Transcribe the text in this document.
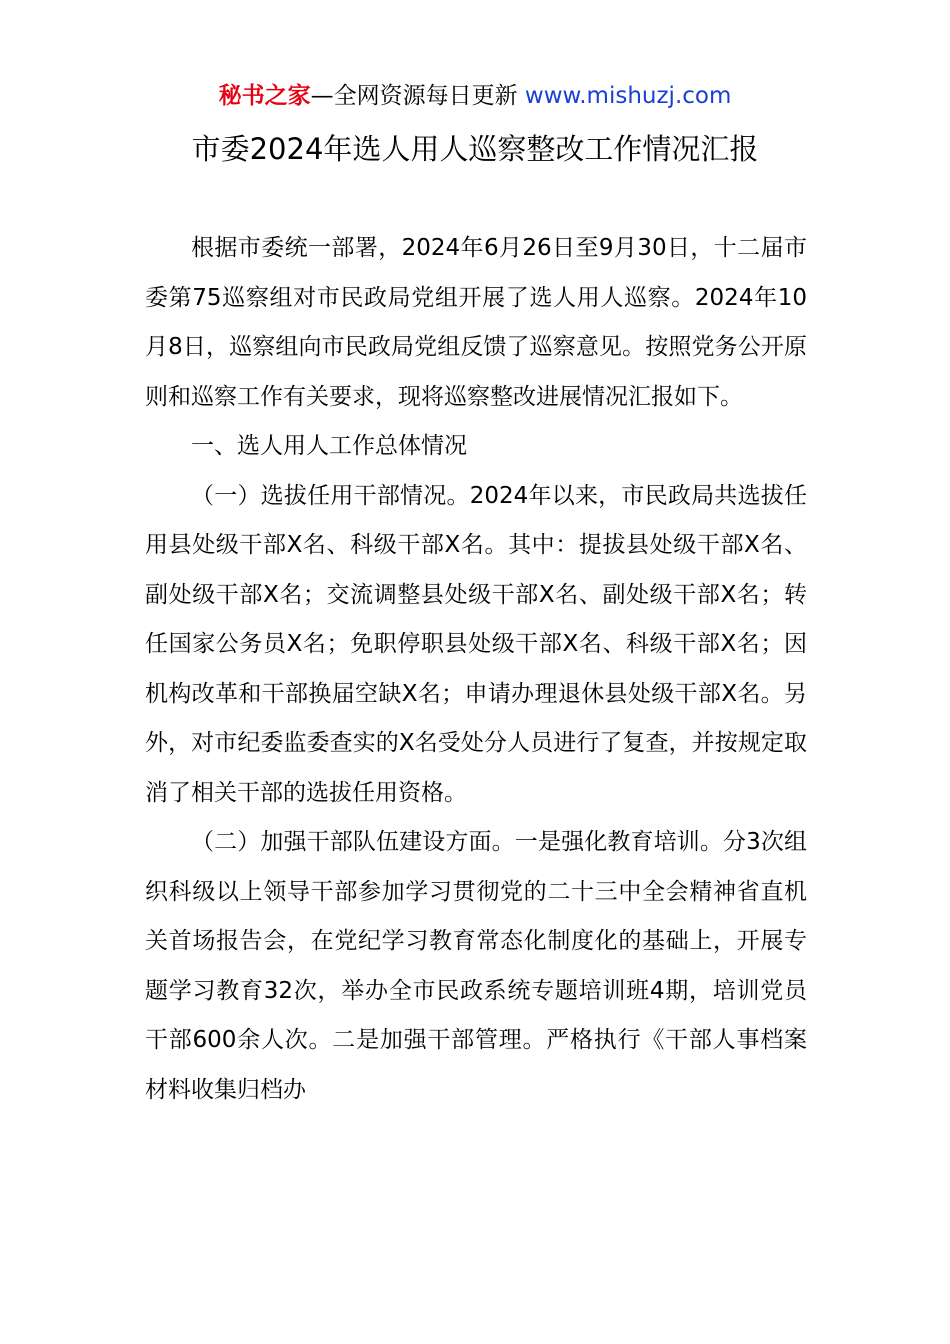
秘书之家—全网资源每日更新 www.mishuzj.com
市委2024年选人用人巡察整改工作情况汇报

根据市委统一部署，2024年6月26日至9月30日，十二届市委第75巡察组对市民政局党组开展了选人用人巡察。2024年10月8日，巡察组向市民政局党组反馈了巡察意见。按照党务公开原则和巡察工作有关要求，现将巡察整改进展情况汇报如下。

一、选人用人工作总体情况

（一）选拔任用干部情况。2024年以来，市民政局共选拔任用县处级干部X名、科级干部X名。其中：提拔县处级干部X名、副处级干部X名；交流调整县处级干部X名、副处级干部X名；转任国家公务员X名；免职停职县处级干部X名、科级干部X名；因机构改革和干部换届空缺X名；申请办理退休县处级干部X名。另外，对市纪委监委查实的X名受处分人员进行了复查，并按规定取消了相关干部的选拔任用资格。

（二）加强干部队伍建设方面。一是强化教育培训。分3次组织科级以上领导干部参加学习贯彻党的二十三中全会精神省直机关首场报告会，在党纪学习教育常态化制度化的基础上，开展专题学习教育32次，举办全市民政系统专题培训班4期，培训党员干部600余人次。二是加强干部管理。严格执行《干部人事档案材料收集归档办
